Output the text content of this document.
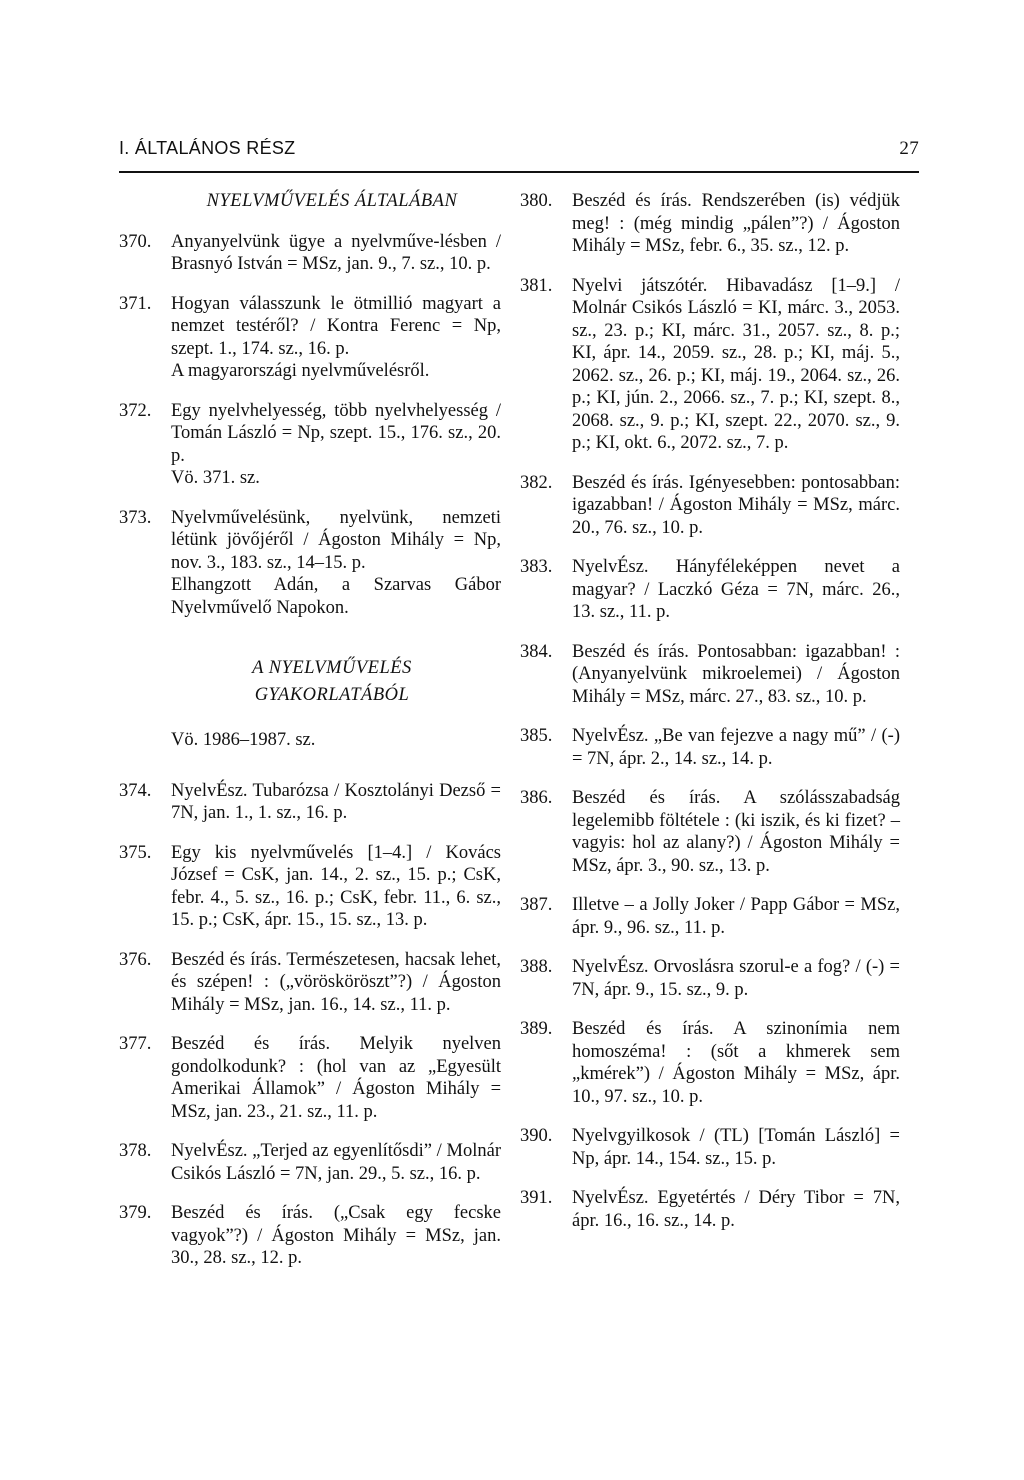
I. ÁLTALÁNOS RÉSZ	27
NYELVMŰVELÉS ÁLTALÁBAN
370.	Anyanyelvünk ügye a nyelvműve-lésben / Brasnyó István = MSz, jan. 9., 7. sz., 10. p.
371.	Hogyan válasszunk le ötmillió magyart a nemzet testéről? / Kontra Ferenc = Np, szept. 1., 174. sz., 16. p.
A magyarországi nyelvművelésről.
372.	Egy nyelvhelyesség, több nyelvhelyesség / Tomán László = Np, szept. 15., 176. sz., 20. p.
Vö. 371. sz.
373.	Nyelvművelésünk, nyelvünk, nemzeti létünk jövőjéről / Ágoston Mihály = Np, nov. 3., 183. sz., 14–15. p.
Elhangzott Adán, a Szarvas Gábor Nyelvművelő Napokon.
A NYELVMŰVELÉS
GYAKORLATÁBÓL
Vö. 1986–1987. sz.
374.	NyelvÉsz. Tubarózsa / Kosztolányi Dezső = 7N, jan. 1., 1. sz., 16. p.
375.	Egy kis nyelvművelés [1–4.] / Kovács József = CsK, jan. 14., 2. sz., 15. p.; CsK, febr. 4., 5. sz., 16. p.; CsK, febr. 11., 6. sz., 15. p.; CsK, ápr. 15., 15. sz., 13. p.
376.	Beszéd és írás. Természetesen, hacsak lehet, és szépen! : („vörösköröszt”?) / Ágoston Mihály = MSz, jan. 16., 14. sz., 11. p.
377.	Beszéd és írás. Melyik nyelven gondolkodunk? : (hol van az „Egyesült Amerikai Államok” / Ágoston Mihály = MSz, jan. 23., 21. sz., 11. p.
378.	NyelvÉsz. „Terjed az egyenlítősdi” / Molnár Csikós László = 7N, jan. 29., 5. sz., 16. p.
379.	Beszéd és írás. („Csak egy fecske vagyok”?) / Ágoston Mihály = MSz, jan. 30., 28. sz., 12. p.
380.	Beszéd és írás. Rendszerében (is) védjük meg! : (még mindig „pálen”?) / Ágoston Mihály = MSz, febr. 6., 35. sz., 12. p.
381.	Nyelvi játszótér. Hibavadász [1–9.] / Molnár Csikós László = KI, márc. 3., 2053. sz., 23. p.; KI, márc. 31., 2057. sz., 8. p.; KI, ápr. 14., 2059. sz., 28. p.; KI, máj. 5., 2062. sz., 26. p.; KI, máj. 19., 2064. sz., 26. p.; KI, jún. 2., 2066. sz., 7. p.; KI, szept. 8., 2068. sz., 9. p.; KI, szept. 22., 2070. sz., 9. p.; KI, okt. 6., 2072. sz., 7. p.
382.	Beszéd és írás. Igényesebben: pontosabban: igazabban! / Ágoston Mihály = MSz, márc. 20., 76. sz., 10. p.
383.	NyelvÉsz. Hányféleképpen nevet a magyar? / Laczkó Géza = 7N, márc. 26., 13. sz., 11. p.
384.	Beszéd és írás. Pontosabban: igazabban! : (Anyanyelvünk mikroelemei) / Ágoston Mihály = MSz, márc. 27., 83. sz., 10. p.
385.	NyelvÉsz. „Be van fejezve a nagy mű” / (-) = 7N, ápr. 2., 14. sz., 14. p.
386.	Beszéd és írás. A szólásszabadság legelemibb föltétele : (ki iszik, és ki fizet? – vagyis: hol az alany?) / Ágoston Mihály = MSz, ápr. 3., 90. sz., 13. p.
387.	Illetve – a Jolly Joker / Papp Gábor = MSz, ápr. 9., 96. sz., 11. p.
388.	NyelvÉsz. Orvoslásra szorul-e a fog? / (-) = 7N, ápr. 9., 15. sz., 9. p.
389.	Beszéd és írás. A szinonímia nem homoszéma! : (sőt a khmerek sem „kmérek”) / Ágoston Mihály = MSz, ápr. 10., 97. sz., 10. p.
390.	Nyelvgyilkosok / (TL) [Tomán László] = Np, ápr. 14., 154. sz., 15. p.
391.	NyelvÉsz. Egyetértés / Déry Tibor = 7N, ápr. 16., 16. sz., 14. p.
